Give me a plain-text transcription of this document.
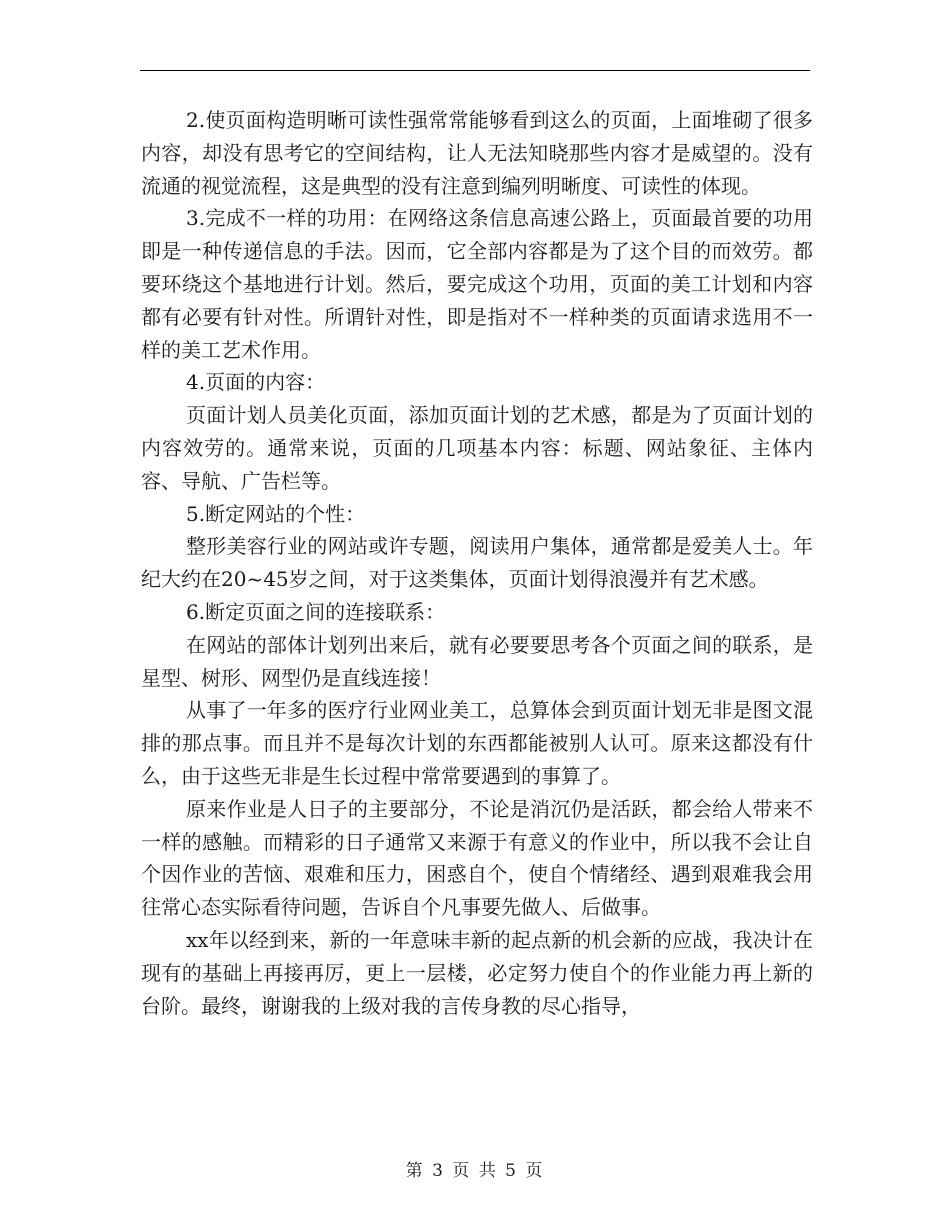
2.使页面构造明晰可读性强常常能够看到这么的页面，上面堆砌了很多内容，却没有思考它的空间结构，让人无法知晓那些内容才是威望的。没有流通的视觉流程，这是典型的没有注意到编列明晰度、可读性的体现。

3.完成不一样的功用：在网络这条信息高速公路上，页面最首要的功用即是一种传递信息的手法。因而，它全部内容都是为了这个目的而效劳。都要环绕这个基地进行计划。然后，要完成这个功用，页面的美工计划和内容都有必要有针对性。所谓针对性，即是指对不一样种类的页面请求选用不一样的美工艺术作用。

4.页面的内容：

页面计划人员美化页面，添加页面计划的艺术感，都是为了页面计划的内容效劳的。通常来说，页面的几项基本内容：标题、网站象征、主体内容、导航、广告栏等。

5.断定网站的个性：

整形美容行业的网站或许专题，阅读用户集体，通常都是爱美人士。年纪大约在20~45岁之间，对于这类集体，页面计划得浪漫并有艺术感。

6.断定页面之间的连接联系：

在网站的部体计划列出来后，就有必要要思考各个页面之间的联系，是星型、树形、网型仍是直线连接！

从事了一年多的医疗行业网业美工，总算体会到页面计划无非是图文混排的那点事。而且并不是每次计划的东西都能被别人认可。原来这都没有什么，由于这些无非是生长过程中常常要遇到的事算了。

原来作业是人日子的主要部分，不论是消沉仍是活跃，都会给人带来不一样的感触。而精彩的日子通常又来源于有意义的作业中，所以我不会让自个因作业的苦恼、艰难和压力，困惑自个，使自个情绪经、遇到艰难我会用往常心态实际看待问题，告诉自个凡事要先做人、后做事。

xx年以经到来，新的一年意味丰新的起点新的机会新的应战，我决计在现有的基础上再接再厉，更上一层楼，必定努力使自个的作业能力再上新的台阶。最终，谢谢我的上级对我的言传身教的尽心指导，

第 3 页 共 5 页
